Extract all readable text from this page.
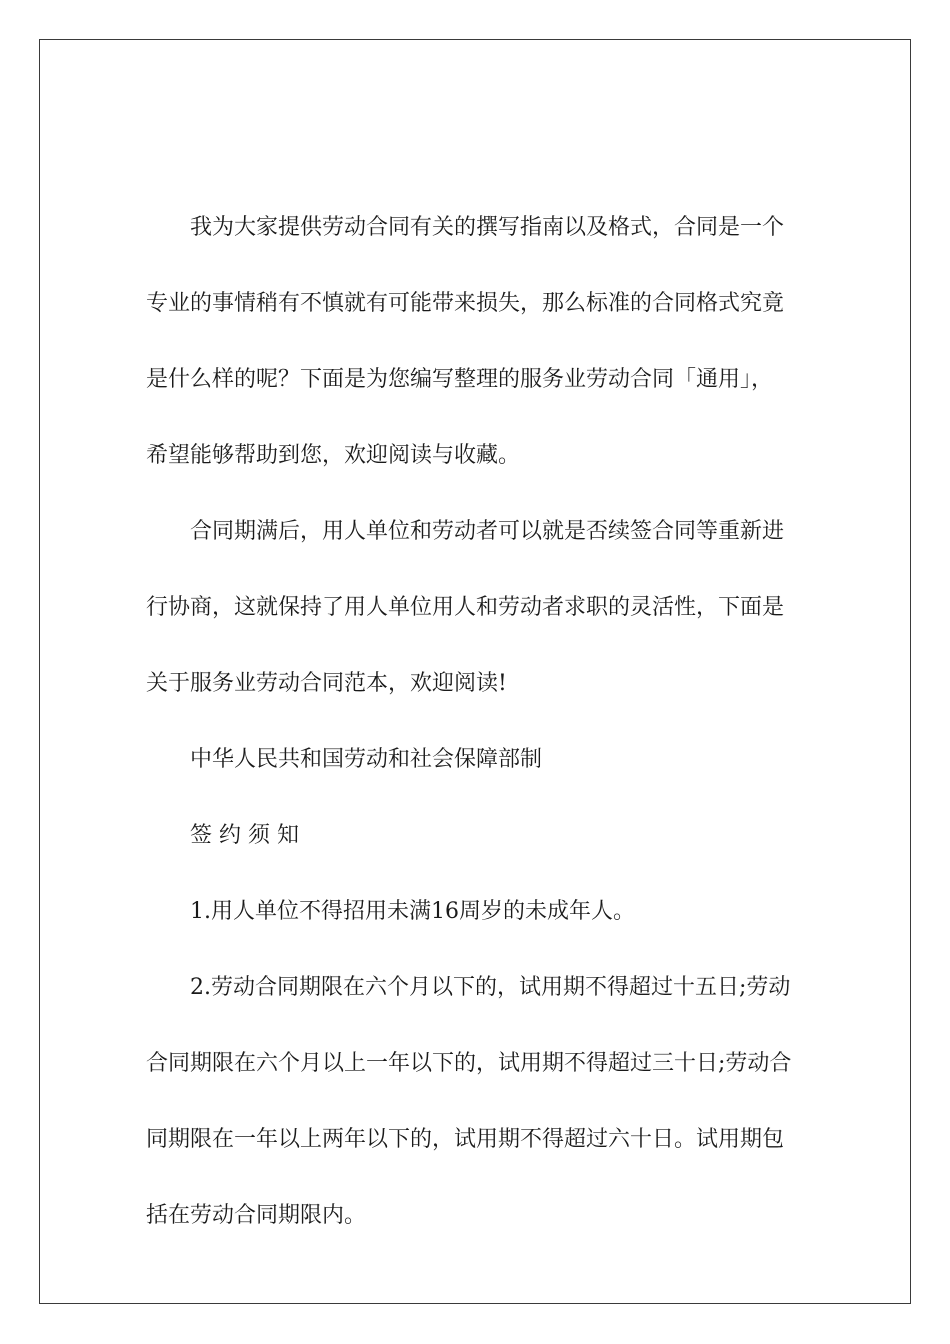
我为大家提供劳动合同有关的撰写指南以及格式，合同是一个
专业的事情稍有不慎就有可能带来损失，那么标准的合同格式究竟
是什么样的呢？下面是为您编写整理的服务业劳动合同「通用」，
希望能够帮助到您，欢迎阅读与收藏。
合同期满后，用人单位和劳动者可以就是否续签合同等重新进
行协商，这就保持了用人单位用人和劳动者求职的灵活性，下面是
关于服务业劳动合同范本，欢迎阅读!
中华人民共和国劳动和社会保障部制
签 约 须 知
1.用人单位不得招用未满16周岁的未成年人。
2.劳动合同期限在六个月以下的，试用期不得超过十五日;劳动
合同期限在六个月以上一年以下的，试用期不得超过三十日;劳动合
同期限在一年以上两年以下的，试用期不得超过六十日。试用期包
括在劳动合同期限内。
